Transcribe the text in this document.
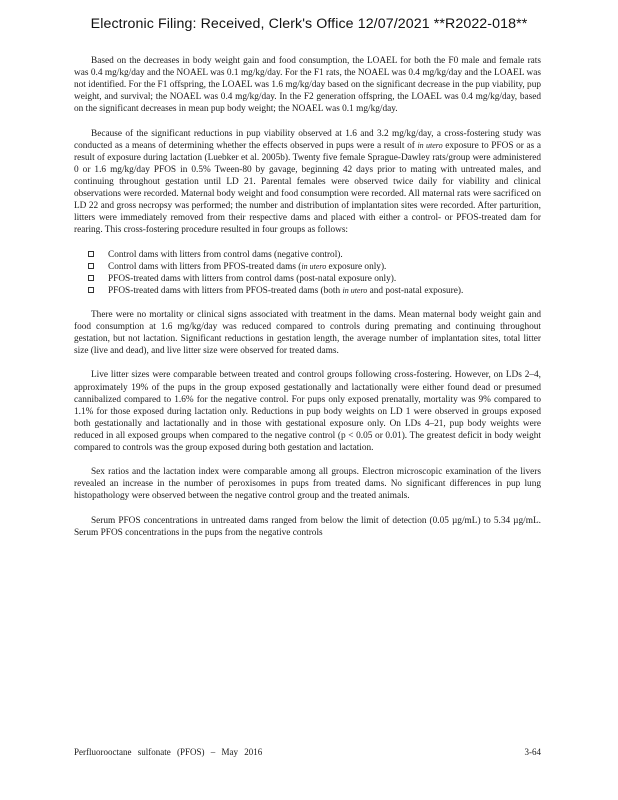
Electronic Filing: Received, Clerk's Office 12/07/2021 **R2022-018**

Based on the decreases in body weight gain and food consumption, the LOAEL for both the F0 male and female rats was 0.4 mg/kg/day and the NOAEL was 0.1 mg/kg/day. For the F1 rats, the NOAEL was 0.4 mg/kg/day and the LOAEL was not identified. For the F1 offspring, the LOAEL was 1.6 mg/kg/day based on the significant decrease in the pup viability, pup weight, and survival; the NOAEL was 0.4 mg/kg/day. In the F2 generation offspring, the LOAEL was 0.4 mg/kg/day, based on the significant decreases in mean pup body weight; the NOAEL was 0.1 mg/kg/day.

Because of the significant reductions in pup viability observed at 1.6 and 3.2 mg/kg/day, a cross-fostering study was conducted as a means of determining whether the effects observed in pups were a result of in utero exposure to PFOS or as a result of exposure during lactation (Luebker et al. 2005b). Twenty five female Sprague-Dawley rats/group were administered 0 or 1.6 mg/kg/day PFOS in 0.5% Tween-80 by gavage, beginning 42 days prior to mating with untreated males, and continuing throughout gestation until LD 21. Parental females were observed twice daily for viability and clinical observations were recorded. Maternal body weight and food consumption were recorded. All maternal rats were sacrificed on LD 22 and gross necropsy was performed; the number and distribution of implantation sites were recorded. After parturition, litters were immediately removed from their respective dams and placed with either a control- or PFOS-treated dam for rearing. This cross-fostering procedure resulted in four groups as follows:

Control dams with litters from control dams (negative control).
Control dams with litters from PFOS-treated dams (in utero exposure only).
PFOS-treated dams with litters from control dams (post-natal exposure only).
PFOS-treated dams with litters from PFOS-treated dams (both in utero and post-natal exposure).

There were no mortality or clinical signs associated with treatment in the dams. Mean maternal body weight gain and food consumption at 1.6 mg/kg/day was reduced compared to controls during premating and continuing throughout gestation, but not lactation. Significant reductions in gestation length, the average number of implantation sites, total litter size (live and dead), and live litter size were observed for treated dams.

Live litter sizes were comparable between treated and control groups following cross-fostering. However, on LDs 2–4, approximately 19% of the pups in the group exposed gestationally and lactationally were either found dead or presumed cannibalized compared to 1.6% for the negative control. For pups only exposed prenatally, mortality was 9% compared to 1.1% for those exposed during lactation only. Reductions in pup body weights on LD 1 were observed in groups exposed both gestationally and lactationally and in those with gestational exposure only. On LDs 4–21, pup body weights were reduced in all exposed groups when compared to the negative control (p < 0.05 or 0.01). The greatest deficit in body weight compared to controls was the group exposed during both gestation and lactation.

Sex ratios and the lactation index were comparable among all groups. Electron microscopic examination of the livers revealed an increase in the number of peroxisomes in pups from treated dams. No significant differences in pup lung histopathology were observed between the negative control group and the treated animals.

Serum PFOS concentrations in untreated dams ranged from below the limit of detection (0.05 µg/mL) to 5.34 µg/mL. Serum PFOS concentrations in the pups from the negative controls

Perfluorooctane sulfonate (PFOS) – May 2016	3-64
